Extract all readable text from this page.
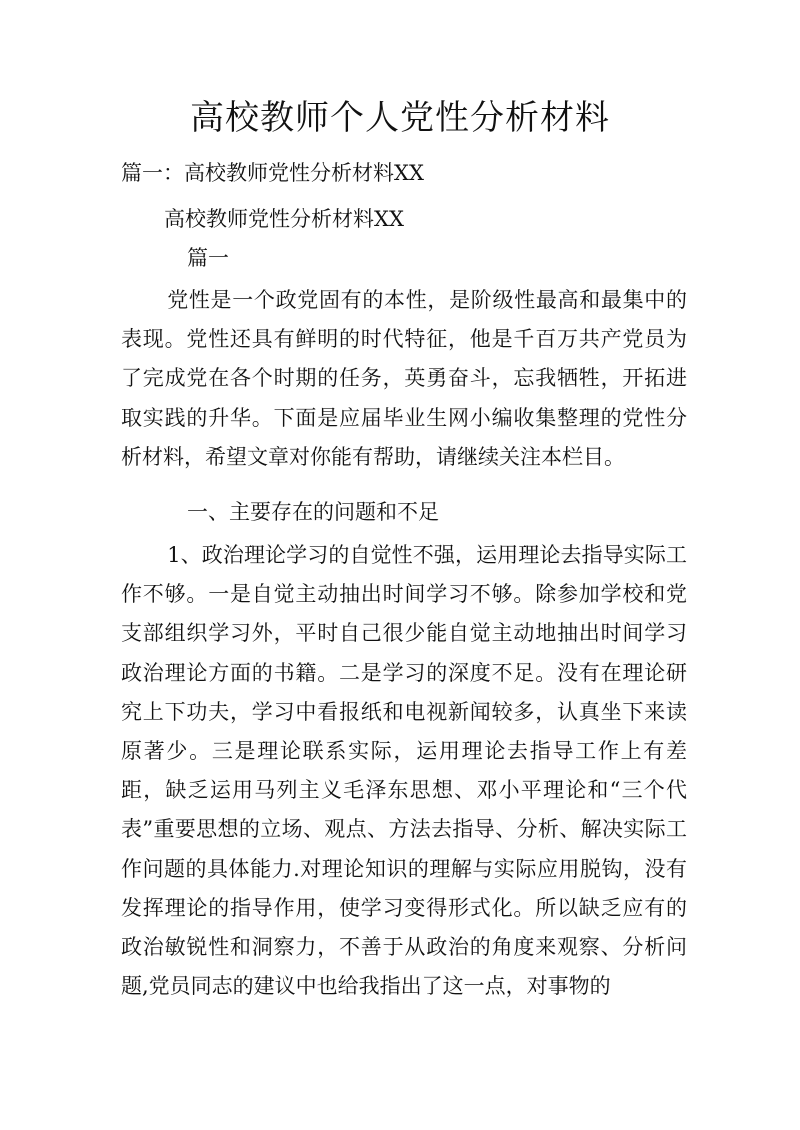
高校教师个人党性分析材料
篇一：高校教师党性分析材料XX
高校教师党性分析材料XX
篇一

党性是一个政党固有的本性，是阶级性最高和最集中的表现。党性还具有鲜明的时代特征，他是千百万共产党员为了完成党在各个时期的任务，英勇奋斗，忘我牺牲，开拓进取实践的升华。下面是应届毕业生网小编收集整理的党性分析材料，希望文章对你能有帮助，请继续关注本栏目。

一、主要存在的问题和不足

1、政治理论学习的自觉性不强，运用理论去指导实际工作不够。一是自觉主动抽出时间学习不够。除参加学校和党支部组织学习外，平时自己很少能自觉主动地抽出时间学习政治理论方面的书籍。二是学习的深度不足。没有在理论研究上下功夫，学习中看报纸和电视新闻较多，认真坐下来读原著少。三是理论联系实际，运用理论去指导工作上有差距，缺乏运用马列主义毛泽东思想、邓小平理论和“三个代表”重要思想的立场、观点、方法去指导、分析、解决实际工作问题的具体能力.对理论知识的理解与实际应用脱钩，没有发挥理论的指导作用，使学习变得形式化。所以缺乏应有的政治敏锐性和洞察力，不善于从政治的角度来观察、分析问题,党员同志的建议中也给我指出了这一点，对事物的
